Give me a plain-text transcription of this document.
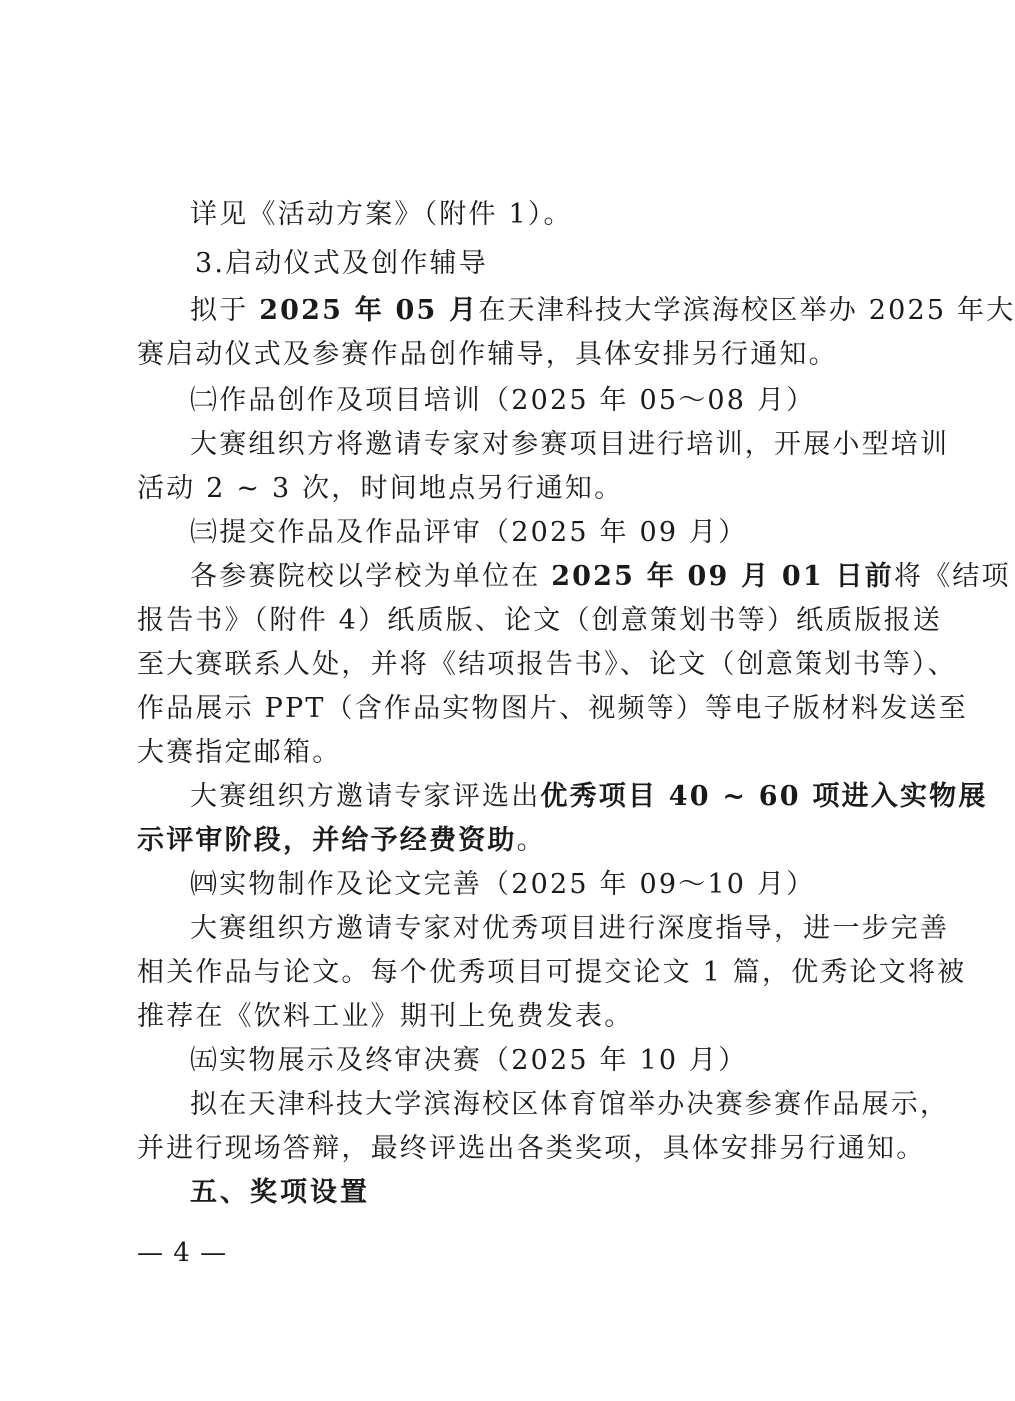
详见《活动方案》（附件 1）。
3.启动仪式及创作辅导
拟于 2025 年 05 月在天津科技大学滨海校区举办 2025 年大
赛启动仪式及参赛作品创作辅导，具体安排另行通知。
㈡作品创作及项目培训（2025 年 05～08 月）
大赛组织方将邀请专家对参赛项目进行培训，开展小型培训
活动 2 ~ 3 次，时间地点另行通知。
㈢提交作品及作品评审（2025 年 09 月）
各参赛院校以学校为单位在 2025 年 09 月 01 日前将《结项
报告书》（附件 4）纸质版、论文（创意策划书等）纸质版报送
至大赛联系人处，并将《结项报告书》、论文（创意策划书等）、
作品展示 PPT（含作品实物图片、视频等）等电子版材料发送至
大赛指定邮箱。
大赛组织方邀请专家评选出优秀项目 40 ~ 60 项进入实物展
示评审阶段，并给予经费资助。
㈣实物制作及论文完善（2025 年 09～10 月）
大赛组织方邀请专家对优秀项目进行深度指导，进一步完善
相关作品与论文。每个优秀项目可提交论文 1 篇，优秀论文将被
推荐在《饮料工业》期刊上免费发表。
㈤实物展示及终审决赛（2025 年 10 月）
拟在天津科技大学滨海校区体育馆举办决赛参赛作品展示，
并进行现场答辩，最终评选出各类奖项，具体安排另行通知。
五、奖项设置
— 4 —
